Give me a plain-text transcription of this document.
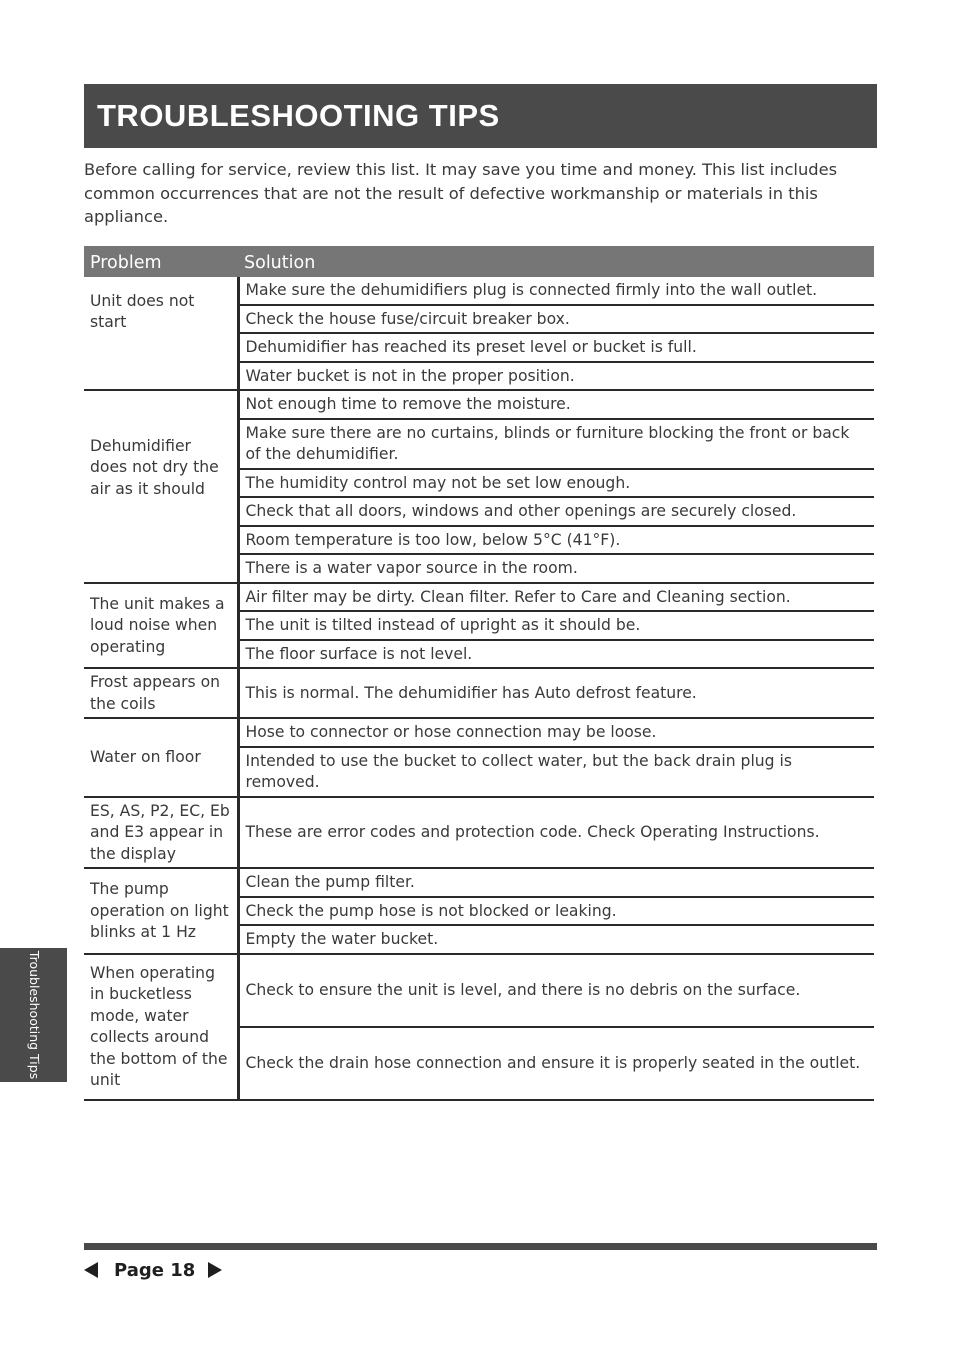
TROUBLESHOOTING TIPS

Before calling for service, review this list. It may save you time and money. This list includes common occurrences that are not the result of defective workmanship or materials in this appliance.

Problem	Solution
Unit does not start	Make sure the dehumidifiers plug is connected firmly into the wall outlet.
	Check the house fuse/circuit breaker box.
	Dehumidifier has reached its preset level or bucket is full.
	Water bucket is not in the proper position.
Dehumidifier does not dry the air as it should	Not enough time to remove the moisture.
	Make sure there are no curtains, blinds or furniture blocking the front or back of the dehumidifier.
	The humidity control may not be set low enough.
	Check that all doors, windows and other openings are securely closed.
	Room temperature is too low, below 5°C (41°F).
	There is a water vapor source in the room.
The unit makes a loud noise when operating	Air filter may be dirty. Clean filter. Refer to Care and Cleaning section.
	The unit is tilted instead of upright as it should be.
	The floor surface is not level.
Frost appears on the coils	This is normal. The dehumidifier has Auto defrost feature.
Water on floor	Hose to connector or hose connection may be loose.
	Intended to use the bucket to collect water, but the back drain plug is removed.
ES, AS, P2, EC, Eb and E3 appear in the display	These are error codes and protection code. Check Operating Instructions.
The pump operation on light blinks at 1 Hz	Clean the pump filter.
	Check the pump hose is not blocked or leaking.
	Empty the water bucket.
When operating in bucketless mode, water collects around the bottom of the unit	Check to ensure the unit is level, and there is no debris on the surface.
	Check the drain hose connection and ensure it is properly seated in the outlet.
Troubleshooting Tips
Page 18
